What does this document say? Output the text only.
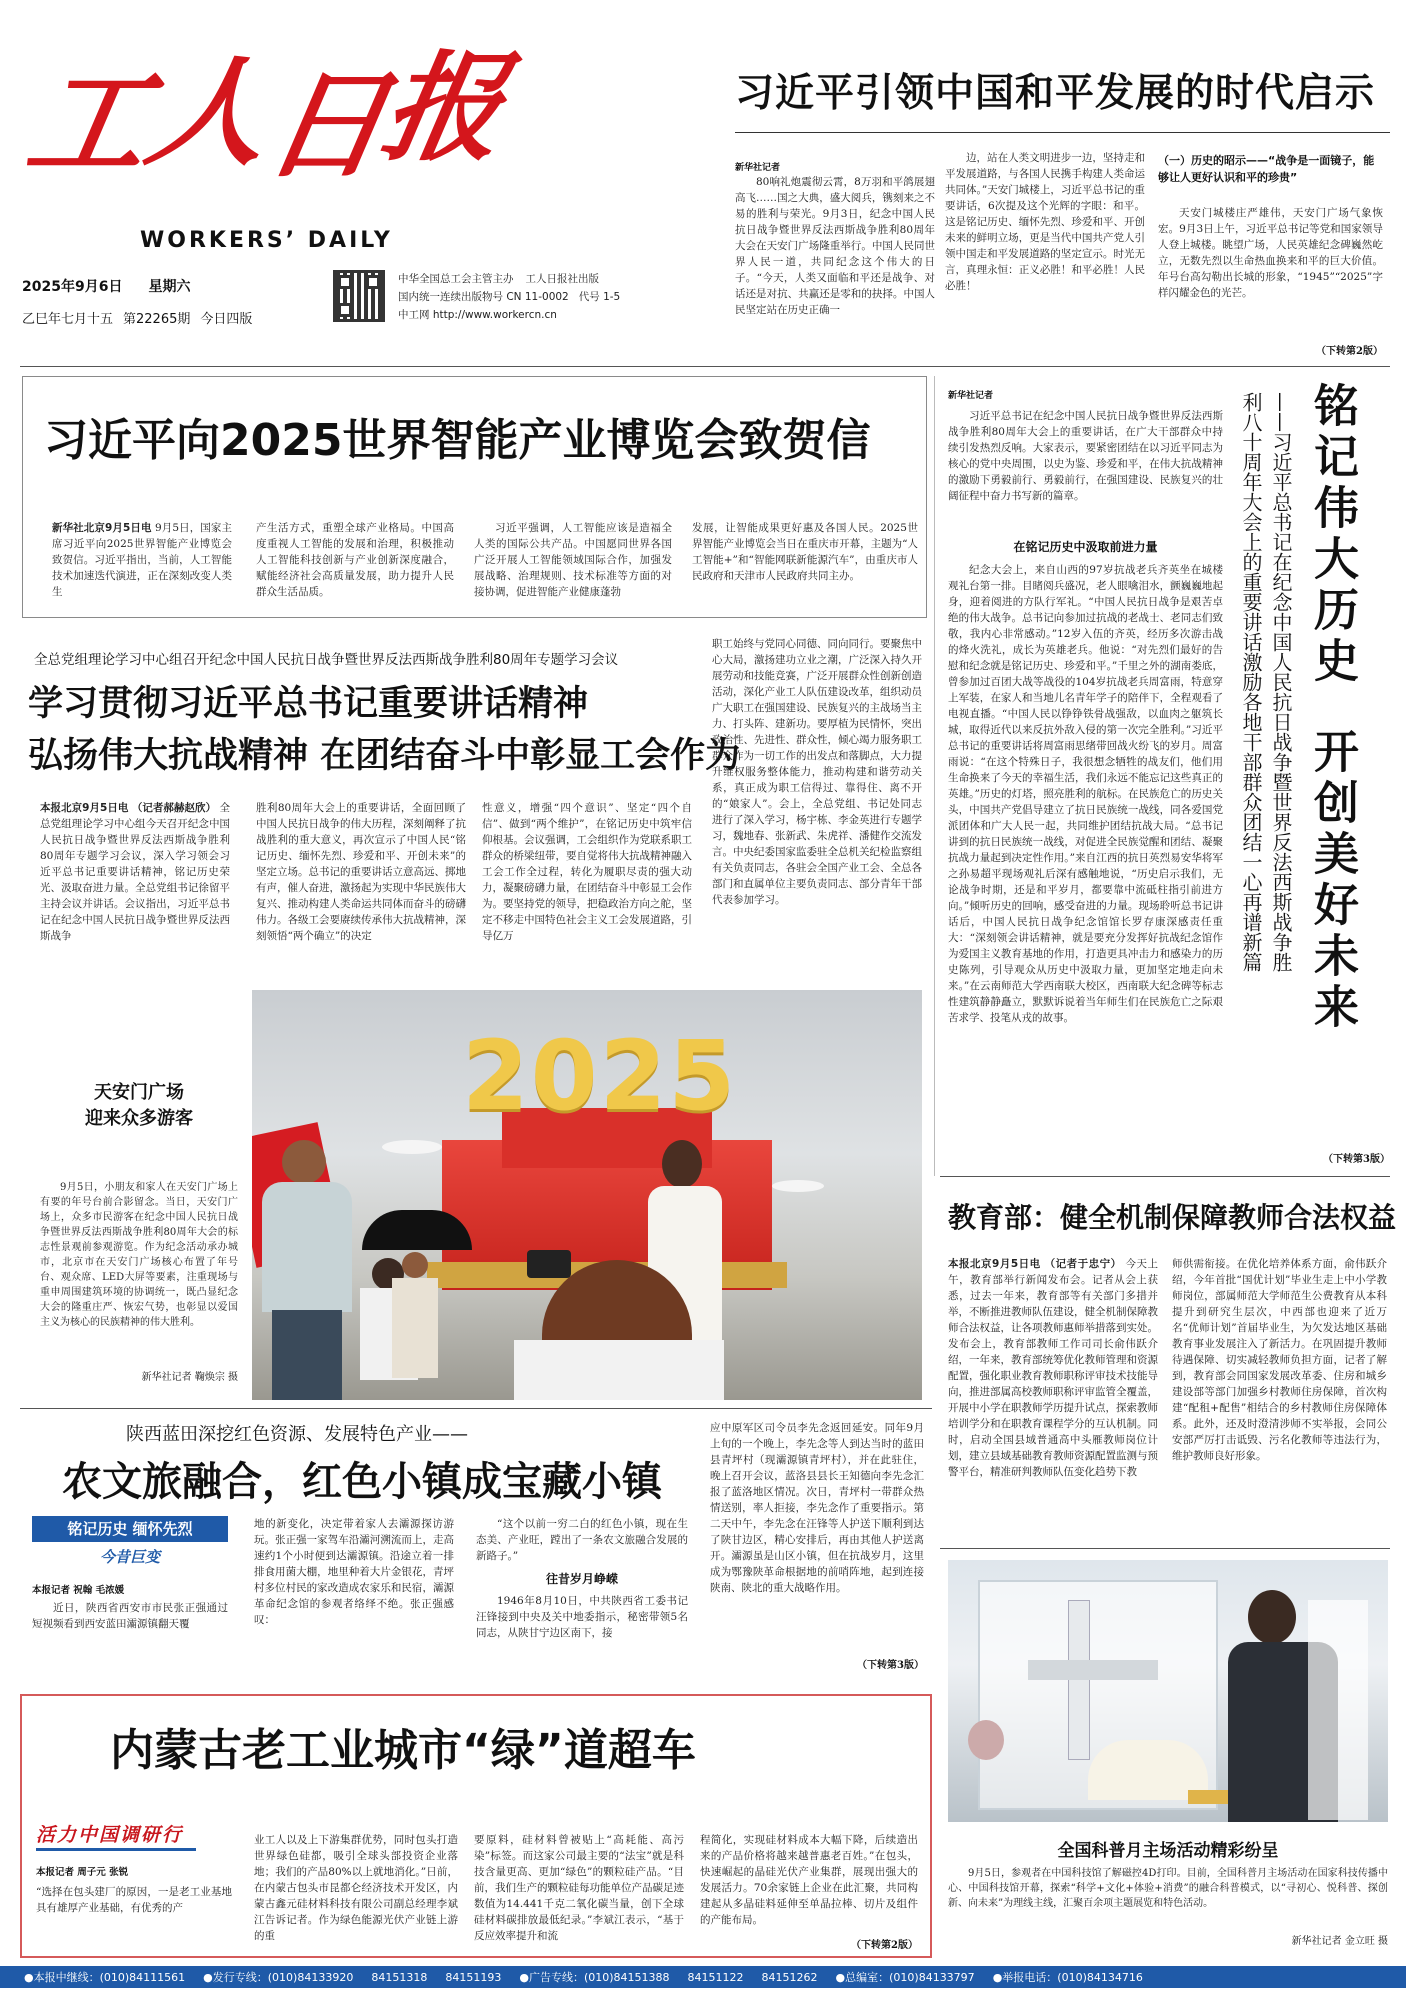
工
人
日
报
WORKERS’ DAILY
2025年9月6日 星期六
乙巳年七月十五 第22265期 今日四版
中华全国总工会主管主办 工人日报社出版
国内统一连续出版物号 CN 11-0002 代号 1-5
中工网 http://www.workercn.cn
习近平引领中国和平发展的时代启示
新华社记者
80响礼炮震彻云霄，8万羽和平鸽展翅高飞……国之大典，盛大阅兵，镌刻来之不易的胜利与荣光。9月3日，纪念中国人民抗日战争暨世界反法西斯战争胜利80周年大会在天安门广场隆重举行。中国人民同世界人民一道，共同纪念这个伟大的日子。“今天，人类又面临和平还是战争、对话还是对抗、共赢还是零和的抉择。中国人民坚定站在历史正确一
边，站在人类文明进步一边，坚持走和平发展道路，与各国人民携手构建人类命运共同体。”天安门城楼上，习近平总书记的重要讲话，6次提及这个光辉的字眼：和平。这是铭记历史、缅怀先烈、珍爱和平、开创未来的鲜明立场，更是当代中国共产党人引领中国走和平发展道路的坚定宣示。时光无言，真理永恒：正义必胜！和平必胜！人民必胜！
（一）历史的昭示——“战争是一面镜子，能够让人更好认识和平的珍贵”
天安门城楼庄严雄伟，天安门广场气象恢宏。9月3日上午，习近平总书记等党和国家领导人登上城楼。眺望广场，人民英雄纪念碑巍然屹立，无数先烈以生命热血换来和平的巨大价值。年号台高勾勒出长城的形象，“1945”“2025”字样闪耀金色的光芒。
（下转第2版）
习近平向2025世界智能产业博览会致贺信
新华社北京9月5日电 9月5日，国家主席习近平向2025世界智能产业博览会致贺信。习近平指出，当前，人工智能技术加速迭代演进，正在深刻改变人类生
产生活方式，重塑全球产业格局。中国高度重视人工智能的发展和治理，积极推动人工智能科技创新与产业创新深度融合，赋能经济社会高质量发展，助力提升人民群众生活品质。
习近平强调，人工智能应该是造福全人类的国际公共产品。中国愿同世界各国广泛开展人工智能领域国际合作，加强发展战略、治理规则、技术标准等方面的对接协调，促进智能产业健康蓬勃
发展，让智能成果更好惠及各国人民。2025世界智能产业博览会当日在重庆市开幕，主题为“人工智能+”和“智能网联新能源汽车”，由重庆市人民政府和天津市人民政府共同主办。
全总党组理论学习中心组召开纪念中国人民抗日战争暨世界反法西斯战争胜利80周年专题学习会议
学习贯彻习近平总书记重要讲话精神
弘扬伟大抗战精神 在团结奋斗中彰显工会作为
本报北京9月5日电 （记者郝赫赵欣） 全总党组理论学习中心组今天召开纪念中国人民抗日战争暨世界反法西斯战争胜利80周年专题学习会议，深入学习领会习近平总书记重要讲话精神，铭记历史荣光、汲取奋进力量。全总党组书记徐留平主持会议并讲话。会议指出，习近平总书记在纪念中国人民抗日战争暨世界反法西斯战争
胜利80周年大会上的重要讲话，全面回顾了中国人民抗日战争的伟大历程，深刻阐释了抗战胜利的重大意义，再次宣示了中国人民“铭记历史、缅怀先烈、珍爱和平、开创未来”的坚定立场。总书记的重要讲话立意高远、掷地有声，催人奋进，激扬起为实现中华民族伟大复兴、推动构建人类命运共同体而奋斗的磅礴伟力。各级工会要赓续传承伟大抗战精神，深刻领悟“两个确立”的决定
性意义，增强“四个意识”、坚定“四个自信”、做到“两个维护”，在铭记历史中筑牢信仰根基。会议强调，工会组织作为党联系职工群众的桥梁纽带，要自觉将伟大抗战精神融入工会工作全过程，转化为履职尽责的强大动力，凝聚磅礴力量，在团结奋斗中彰显工会作为。要坚持党的领导，把稳政治方向之舵，坚定不移走中国特色社会主义工会发展道路，引导亿万
职工始终与党同心同德、同向同行。要聚焦中心大局，激扬建功立业之潮，广泛深入持久开展劳动和技能竞赛，广泛开展群众性创新创造活动，深化产业工人队伍建设改革，组织动员广大职工在强国建设、民族复兴的主战场当主力、打头阵、建新功。要厚植为民情怀，突出政治性、先进性、群众性，倾心竭力服务职工群众作为一切工作的出发点和落脚点，大力提升维权服务整体能力，推动构建和谐劳动关系，真正成为职工信得过、靠得住、离不开的“娘家人”。会上，全总党组、书记处同志进行了深入学习，杨宇栋、李金英进行专题学习，魏地春、张新武、朱虎祥、潘健作交流发言。中央纪委国家监委驻全总机关纪检监察组有关负责同志，各驻会全国产业工会、全总各部门和直属单位主要负责同志、部分青年干部代表参加学习。
新华社记者
习近平总书记在纪念中国人民抗日战争暨世界反法西斯战争胜利80周年大会上的重要讲话，在广大干部群众中持续引发热烈反响。大家表示，要紧密团结在以习近平同志为核心的党中央周围，以史为鉴、珍爱和平，在伟大抗战精神的激励下勇毅前行、勇毅前行，在强国建设、民族复兴的壮阔征程中奋力书写新的篇章。
在铭记历史中汲取前进力量
纪念大会上，来自山西的97岁抗战老兵齐英坐在城楼观礼台第一排。目睹阅兵盛况，老人眼噙泪水，颤巍巍地起身，迎着阅进的方队行军礼。“中国人民抗日战争是艰苦卓绝的伟大战争。总书记向参加过抗战的老战士、老同志们致敬，我内心非常感动。”12岁入伍的齐英，经历多次游击战的烽火洗礼，成长为英雄老兵。他说：“对先烈们最好的告慰和纪念就是铭记历史、珍爱和平。”千里之外的湖南娄底，曾参加过百团大战等战役的104岁抗战老兵周富雨，特意穿上军装，在家人和当地儿名青年学子的陪伴下，全程观看了电视直播。“中国人民以铮铮铁骨战强敌，以血肉之躯筑长城，取得近代以来反抗外敌入侵的第一次完全胜利。”习近平总书记的重要讲话将周富雨思绪带回战火纷飞的岁月。周富雨说：“在这个特殊日子，我很想念牺牲的战友们，他们用生命换来了今天的幸福生活，我们永远不能忘记这些真正的英雄。”历史的灯塔，照亮胜利的航标。在民族危亡的历史关头，中国共产党倡导建立了抗日民族统一战线，同各爱国党派团体和广大人民一起，共同维护团结抗战大局。“总书记讲到的抗日民族统一战线，对促进全民族觉醒和团结、凝聚抗战力量起到决定性作用。”来自江西的抗日英烈易安华将军之孙易超平现场观礼后深有感触地说，“历史启示我们，无论战争时期，还是和平岁月，都要靠中流砥柱指引前进方向。”倾听历史的回响，感受奋进的力量。现场聆听总书记讲话后，中国人民抗日战争纪念馆馆长罗存康深感责任重大：“深刻领会讲话精神，就是要充分发挥好抗战纪念馆作为爱国主义教育基地的作用，打造更具冲击力和感染力的历史陈列，引导观众从历史中汲取力量，更加坚定地走向未来。”在云南师范大学西南联大校区，西南联大纪念碑等标志性建筑静静矗立，默默诉说着当年师生们在民族危亡之际艰苦求学、投笔从戎的故事。
铭记伟大历史
开创美好未来
——习近平总书记在纪念中国人民抗日战争暨世界反法西斯战争胜利八十周年大会上的重要讲话激励各地干部群众团结一心再谱新篇
（下转第3版）
天安门广场
迎来众多游客
9月5日，小朋友和家人在天安门广场上有要的年号台前合影留念。当日，天安门广场上，众多市民游客在纪念中国人民抗日战争暨世界反法西斯战争胜利80周年大会的标志性景观前参观游览。作为纪念活动承办城市，北京市在天安门广场核心布置了年号台、观众席、LED大屏等要素，注重现场与重申周围建筑环境的协调统一，既凸显纪念大会的隆重庄严、恢宏气势，也彰显以爱国主义为核心的民族精神的伟大胜利。
新华社记者 鞠焕宗 摄
2025
教育部：健全机制保障教师合法权益
本报北京9月5日电 （记者于忠宁） 今天上午，教育部举行新闻发布会。记者从会上获悉，过去一年来，教育部等有关部门多措并举，不断推进教师队伍建设，健全机制保障教师合法权益，让各项教师惠师举措落到实处。发布会上，教育部教师工作司司长俞伟跃介绍，一年来，教育部统筹优化教师管理和资源配置，强化职业教育教师职称评审技术技能导向，推进部属高校教师职称评审监管全覆盖，开展中小学在职教师学历提升试点，探索教师培训学分和在职教育课程学分的互认机制。同时，启动全国县域普通高中头雁教师岗位计划，建立县域基础教育教师资源配置监测与预警平台，精准研判教师队伍变化趋势下教
师供需衔接。在优化培养体系方面，俞伟跃介绍，今年首批“国优计划”毕业生走上中小学教师岗位，部属师范大学师范生公费教育从本科提升到研究生层次，中西部也迎来了近万名“优师计划”首届毕业生，为欠发达地区基础教育事业发展注入了新活力。在巩固提升教师待遇保障、切实减轻教师负担方面，记者了解到，教育部会同国家发展改革委、住房和城乡建设部等部门加强乡村教师住房保障，首次构建“配租+配售”相结合的乡村教师住房保障体系。此外，还及时澄清涉师不实举报，会同公安部严厉打击诋毁、污名化教师等违法行为，维护教师良好形象。
陕西蓝田深挖红色资源、发展特色产业——
农文旅融合，红色小镇成宝藏小镇
铭记历史 缅怀先烈
今昔巨变
本报记者 祝翰 毛浓媛
近日，陕西省西安市市民张正强通过短视频看到西安蓝田灞源镇翻天覆
地的新变化，决定带着家人去灞源探访游玩。张正强一家驾车沿灞河溯流而上，走高速约1个小时便到达灞源镇。沿途立着一排排食用菌大棚，地里种着大片金银花，青坪村多位村民的家改造成农家乐和民宿，灞源革命纪念馆的参观者络绎不绝。张正强感叹：
“这个以前一穷二白的红色小镇，现在生态美、产业旺，蹚出了一条农文旅融合发展的新路子。”
往昔岁月峥嵘
1946年8月10日，中共陕西省工委书记汪锋接到中央及关中地委指示，秘密带领5名同志，从陕甘宁边区南下，接
应中原军区司令员李先念返回延安。同年9月上旬的一个晚上，李先念等人到达当时的蓝田县青坪村（现灞源镇青坪村），并在此驻住，晚上召开会议，蓝洛县县长王知德向李先念汇报了蓝洛地区情况。次日，青坪村一带群众热情送别，率人拒接，李先念作了重要指示。第二天中午，李先念在汪锋等人护送下顺利到达了陕甘边区，精心安排后，再由其他人护送离开。灞源虽是山区小镇，但在抗战岁月，这里成为鄂豫陕革命根据地的前哨阵地，起到连接陕南、陕北的重大战略作用。
（下转第3版）
内蒙古老工业城市“绿”道超车
活力中国调研行
本报记者 周子元 张锐
“选择在包头建厂的原因，一是老工业基地具有雄厚产业基础，有优秀的产
业工人以及上下游集群优势，同时包头打造世界绿色硅都，吸引全球头部投资企业落地；我们的产品80%以上就地消化。”日前，在内蒙古包头市昆都仑经济技术开发区，内蒙古鑫元硅材料科技有限公司副总经理李斌江告诉记者。作为绿色能源光伏产业链上游的重
要原料，硅材料曾被贴上“高耗能、高污染”标签。而这家公司最主要的“法宝”就是科技含量更高、更加“绿色”的颗粒硅产品。“目前，我们生产的颗粒硅每功能单位产品碳足迹数值为14.441千克二氧化碳当量，创下全球硅材料碳排放最低纪录。”李斌江表示，“基于反应效率提升和流
程简化，实现硅材料成本大幅下降，后续造出来的产品价格将越来越普惠老百姓。”在包头，快速崛起的晶硅光伏产业集群，展现出强大的发展活力。70余家链上企业在此汇聚，共同构建起从多晶硅料延伸至单晶拉棒、切片及组件的产能布局。
（下转第2版）
全国科普月主场活动精彩纷呈
9月5日，参观者在中国科技馆了解磁控4D打印。目前，全国科普月主场活动在国家科技传播中心、中国科技馆开幕，探索“科学+文化+体验+消费”的融合科普模式，以“寻初心、悦科普、探创新、向未来”为理线主线，汇聚百余项主题展览和特色活动。
新华社记者 金立旺 摄
●本报中继线：(010)84111561 ●发行专线：(010)84133920 84151318 84151193 ●广告专线：(010)84151388 84151122 84151262 ●总编室：(010)84133797 ●举报电话：(010)84134716
